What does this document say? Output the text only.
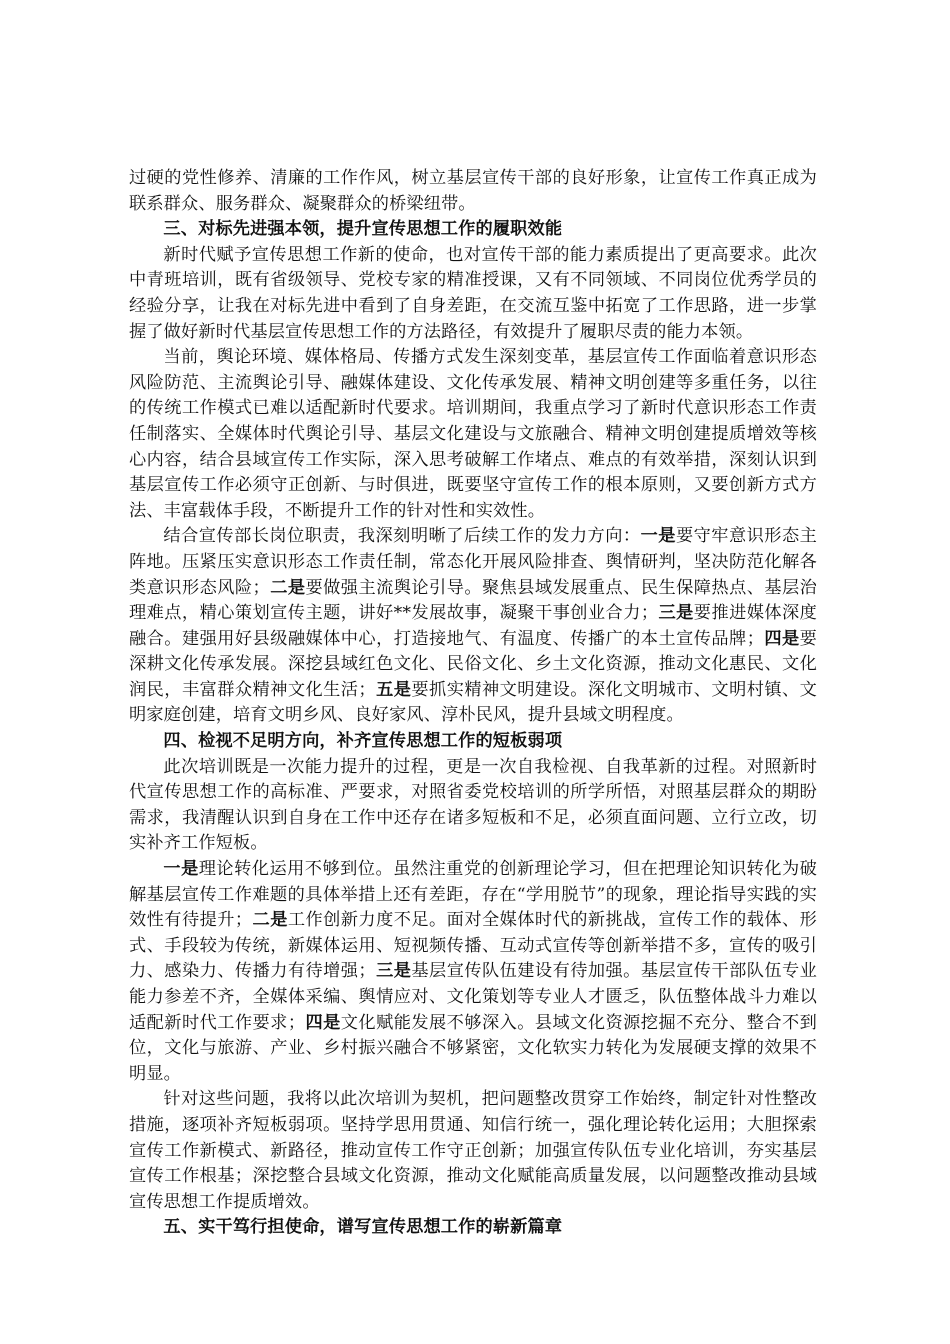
过硬的党性修养、清廉的工作作风，树立基层宣传干部的良好形象，让宣传工作真正成为联系群众、服务群众、凝聚群众的桥梁纽带。

三、对标先进强本领，提升宣传思想工作的履职效能

新时代赋予宣传思想工作新的使命，也对宣传干部的能力素质提出了更高要求。此次中青班培训，既有省级领导、党校专家的精准授课，又有不同领域、不同岗位优秀学员的经验分享，让我在对标先进中看到了自身差距，在交流互鉴中拓宽了工作思路，进一步掌握了做好新时代基层宣传思想工作的方法路径，有效提升了履职尽责的能力本领。

当前，舆论环境、媒体格局、传播方式发生深刻变革，基层宣传工作面临着意识形态风险防范、主流舆论引导、融媒体建设、文化传承发展、精神文明创建等多重任务，以往的传统工作模式已难以适配新时代要求。培训期间，我重点学习了新时代意识形态工作责任制落实、全媒体时代舆论引导、基层文化建设与文旅融合、精神文明创建提质增效等核心内容，结合县域宣传工作实际，深入思考破解工作堵点、难点的有效举措，深刻认识到基层宣传工作必须守正创新、与时俱进，既要坚守宣传工作的根本原则，又要创新方式方法、丰富载体手段，不断提升工作的针对性和实效性。

结合宣传部长岗位职责，我深刻明晰了后续工作的发力方向：一是要守牢意识形态主阵地。压紧压实意识形态工作责任制，常态化开展风险排查、舆情研判，坚决防范化解各类意识形态风险；二是要做强主流舆论引导。聚焦县域发展重点、民生保障热点、基层治理难点，精心策划宣传主题，讲好**发展故事，凝聚干事创业合力；三是要推进媒体深度融合。建强用好县级融媒体中心，打造接地气、有温度、传播广的本土宣传品牌；四是要深耕文化传承发展。深挖县域红色文化、民俗文化、乡土文化资源，推动文化惠民、文化润民，丰富群众精神文化生活；五是要抓实精神文明建设。深化文明城市、文明村镇、文明家庭创建，培育文明乡风、良好家风、淳朴民风，提升县域文明程度。

四、检视不足明方向，补齐宣传思想工作的短板弱项

此次培训既是一次能力提升的过程，更是一次自我检视、自我革新的过程。对照新时代宣传思想工作的高标准、严要求，对照省委党校培训的所学所悟，对照基层群众的期盼需求，我清醒认识到自身在工作中还存在诸多短板和不足，必须直面问题、立行立改，切实补齐工作短板。

一是理论转化运用不够到位。虽然注重党的创新理论学习，但在把理论知识转化为破解基层宣传工作难题的具体举措上还有差距，存在“学用脱节”的现象，理论指导实践的实效性有待提升；二是工作创新力度不足。面对全媒体时代的新挑战，宣传工作的载体、形式、手段较为传统，新媒体运用、短视频传播、互动式宣传等创新举措不多，宣传的吸引力、感染力、传播力有待增强；三是基层宣传队伍建设有待加强。基层宣传干部队伍专业能力参差不齐，全媒体采编、舆情应对、文化策划等专业人才匮乏，队伍整体战斗力难以适配新时代工作要求；四是文化赋能发展不够深入。县域文化资源挖掘不充分、整合不到位，文化与旅游、产业、乡村振兴融合不够紧密，文化软实力转化为发展硬支撑的效果不明显。

针对这些问题，我将以此次培训为契机，把问题整改贯穿工作始终，制定针对性整改措施，逐项补齐短板弱项。坚持学思用贯通、知信行统一，强化理论转化运用；大胆探索宣传工作新模式、新路径，推动宣传工作守正创新；加强宣传队伍专业化培训，夯实基层宣传工作根基；深挖整合县域文化资源，推动文化赋能高质量发展，以问题整改推动县域宣传思想工作提质增效。

五、实干笃行担使命，谱写宣传思想工作的崭新篇章
